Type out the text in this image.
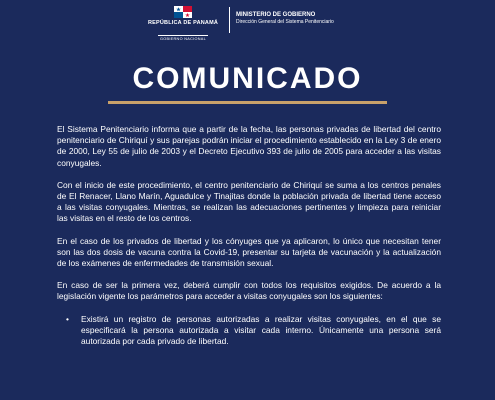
REPÚBLICA DE PANAMÁ
GOBIERNO NACIONAL
MINISTERIO DE GOBIERNO
Dirección General del Sistema Penitenciario
COMUNICADO

El Sistema Penitenciario informa que a partir de la fecha, las personas privadas de libertad del centro penitenciario de Chiriquí y sus parejas podrán iniciar el procedimiento establecido en la Ley 3 de enero de 2000, Ley 55 de julio de 2003 y el Decreto Ejecutivo 393 de julio de 2005 para acceder a las visitas conyugales.

Con el inicio de este procedimiento, el centro penitenciario de Chiriquí se suma a los centros penales de El Renacer, Llano Marín, Aguadulce y Tinajitas donde la población privada de libertad tiene acceso a las visitas conyugales. Mientras, se realizan las adecuaciones pertinentes y limpieza para reiniciar las visitas en el resto de los centros.

En el caso de los privados de libertad y los cónyuges que ya aplicaron, lo único que necesitan tener son las dos dosis de vacuna contra la Covid-19, presentar su tarjeta de vacunación y la actualización de los exámenes de enfermedades de transmisión sexual.

En caso de ser la primera vez, deberá cumplir con todos los requisitos exigidos. De acuerdo a la legislación vigente los parámetros para acceder a visitas conyugales son los siguientes:

• Existirá un registro de personas autorizadas a realizar visitas conyugales, en el que se especificará la persona autorizada a visitar cada interno. Únicamente una persona será autorizada por cada privado de libertad.
